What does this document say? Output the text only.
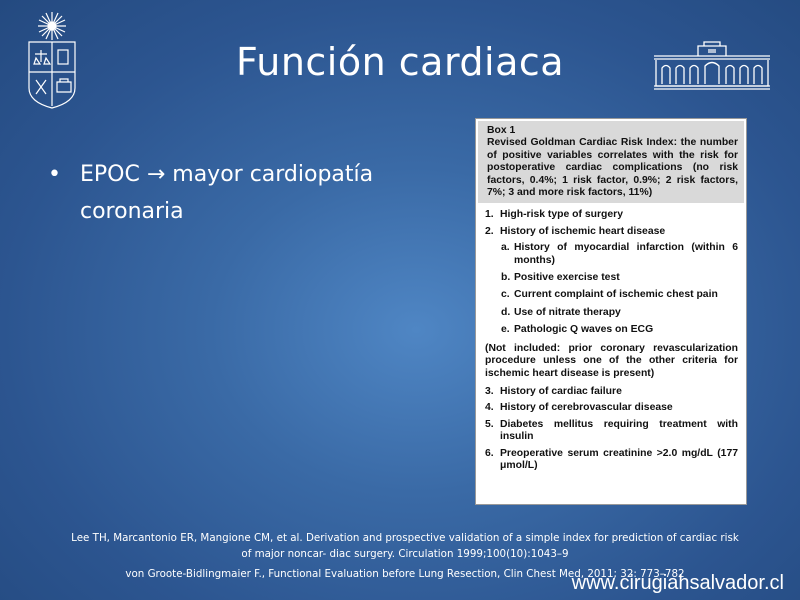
Función cardiaca
• EPOC → mayor cardiopatía coronaria
Box 1
Revised Goldman Cardiac Risk Index: the number of positive variables correlates with the risk for postoperative cardiac complications (no risk factors, 0.4%; 1 risk factor, 0.9%; 2 risk factors, 7%; 3 and more risk factors, 11%)
1. High-risk type of surgery
2. History of ischemic heart disease
a. History of myocardial infarction (within 6 months)
b. Positive exercise test
c. Current complaint of ischemic chest pain
d. Use of nitrate therapy
e. Pathologic Q waves on ECG
(Not included: prior coronary revascularization procedure unless one of the other criteria for ischemic heart disease is present)
3. History of cardiac failure
4. History of cerebrovascular disease
5. Diabetes mellitus requiring treatment with insulin
6. Preoperative serum creatinine >2.0 mg/dL (177 μmol/L)
Lee TH, Marcantonio ER, Mangione CM, et al. Derivation and prospective validation of a simple index for prediction of cardiac risk of major noncar- diac surgery. Circulation 1999;100(10):1043–9
von Groote-Bidlingmaier F., Functional Evaluation before Lung Resection, Clin Chest Med, 2011; 32: 773–782
www.cirugiahsalvador.cl
